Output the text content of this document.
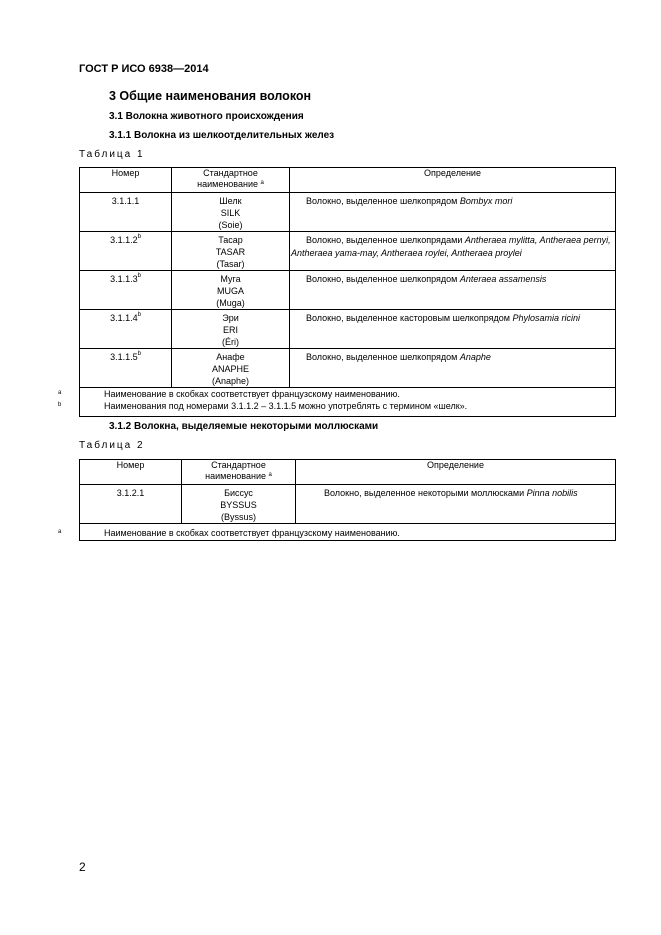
ГОСТ Р ИСО 6938—2014
3 Общие наименования волокон
3.1 Волокна животного происхождения
3.1.1 Волокна из шелкоотделительных желез
Таблица 1
Номер	Стандартное
наименование $^a$	Определение
3.1.1.1	Шелк
SILK
(Soie)	Волокно, выделенное шелкопрядом Bombyx mori
3.1.1.2$^b$	Тасар
TASAR
(Tasar)	Волокно, выделенное шелкопрядами Antheraea mylitta, Antheraea pernyi, Antheraea yama-may, Antheraea roylei, Antheraea proylei
3.1.1.3$^b$	Муга
MUGA
(Muga)	Волокно, выделенное шелкопрядом Anterаea assamensis
3.1.1.4$^b$	Эри
ERI
(Éri)	Волокно, выделенное касторовым шелкопрядом Phylosamia ricini
3.1.1.5$^b$	Анафе
ANAPHE
(Anaphe)	Волокно, выделенное шелкопрядом Anaphe

a Наименование в скобках соответствует французскому наименованию.
b Наименования под номерами 3.1.1.2 – 3.1.1.5 можно употреблять с термином «шелк».		
3.1.2 Волокна, выделяемые некоторыми моллюсками
Таблица 2
Номер	Стандартное
наименование $^a$	Определение
3.1.2.1	Биссус
BYSSUS
(Byssus)	Волокно, выделенное некоторыми моллюсками Pinna nobilis

a Наименование в скобках соответствует французскому наименованию.		
2
